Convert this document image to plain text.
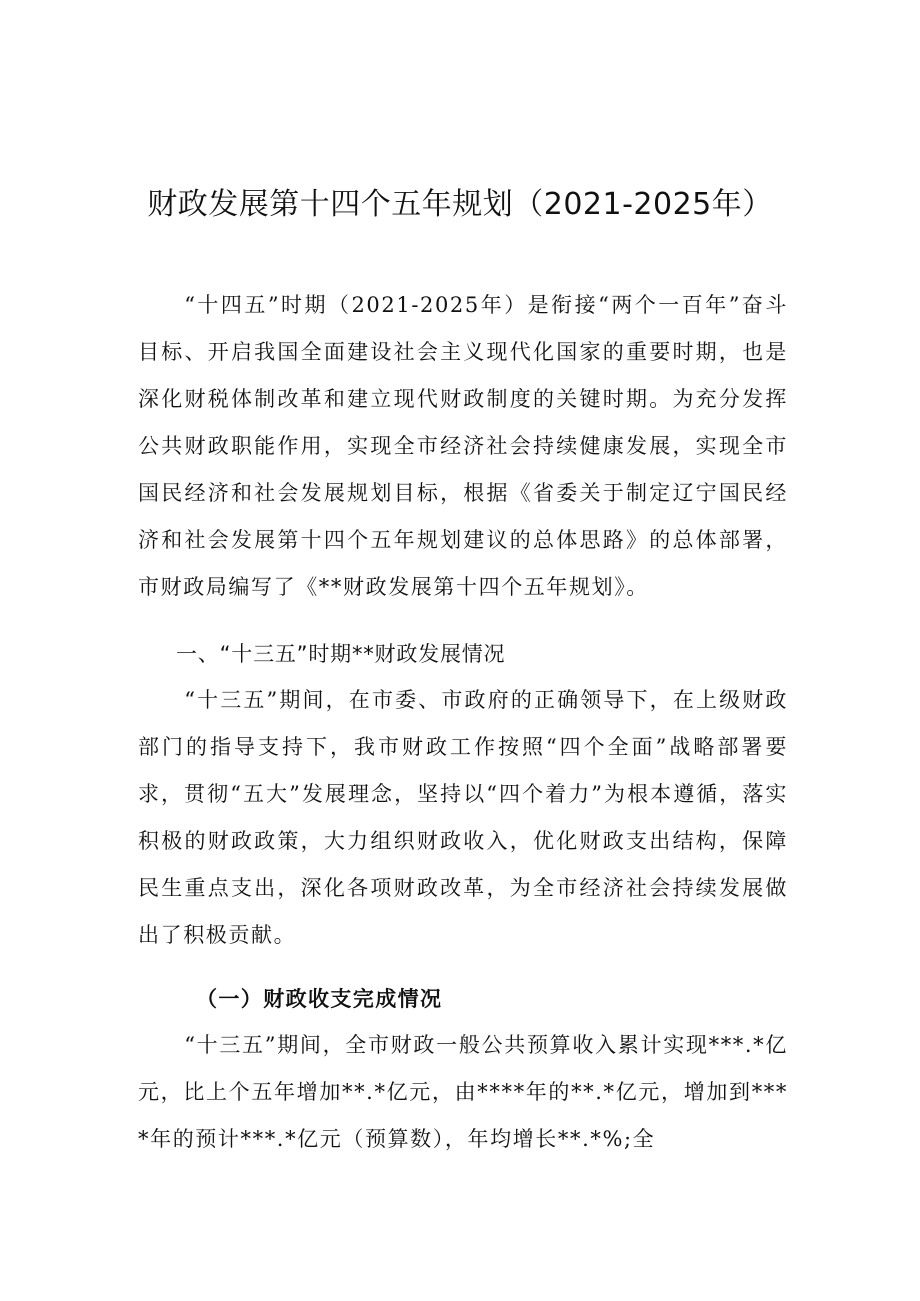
财政发展第十四个五年规划（2021-2025年）

“十四五”时期（2021-2025年）是衔接“两个一百年”奋斗目标、开启我国全面建设社会主义现代化国家的重要时期，也是深化财税体制改革和建立现代财政制度的关键时期。为充分发挥公共财政职能作用，实现全市经济社会持续健康发展，实现全市国民经济和社会发展规划目标，根据《省委关于制定辽宁国民经济和社会发展第十四个五年规划建议的总体思路》的总体部署，市财政局编写了《**财政发展第十四个五年规划》。

一、“十三五”时期**财政发展情况

“十三五”期间，在市委、市政府的正确领导下，在上级财政部门的指导支持下，我市财政工作按照“四个全面”战略部署要求，贯彻“五大”发展理念，坚持以“四个着力”为根本遵循，落实积极的财政政策，大力组织财政收入，优化财政支出结构，保障民生重点支出，深化各项财政改革，为全市经济社会持续发展做出了积极贡献。

（一）财政收支完成情况

“十三五”期间，全市财政一般公共预算收入累计实现***.*亿元，比上个五年增加**.*亿元，由****年的**.*亿元，增加到****年的预计***.*亿元（预算数），年均增长**.*%;全
